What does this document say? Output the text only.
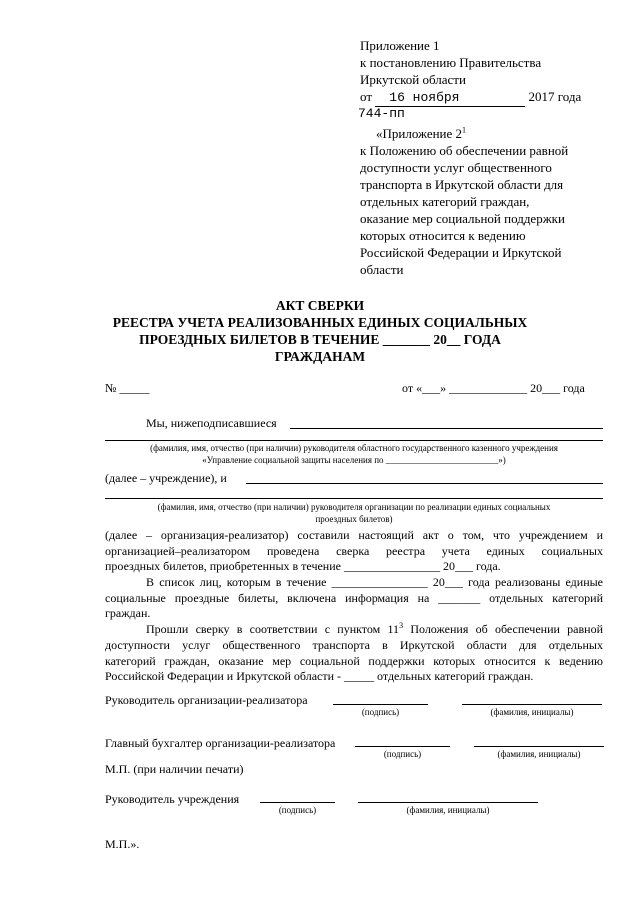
Приложение 1
к постановлению Правительства
Иркутской области
от 16 ноября	2017 года
744-пп
«Приложение $2^1$
к Положению об обеспечении равной
доступности услуг общественного
транспорта в Иркутской области для
отдельных категорий граждан,
оказание мер социальной поддержки
которых относится к ведению
Российской Федерации и Иркутской
области
АКТ СВЕРКИ
РЕЕСТРА УЧЕТА РЕАЛИЗОВАННЫХ ЕДИНЫХ СОЦИАЛЬНЫХ
ПРОЕЗДНЫХ БИЛЕТОВ В ТЕЧЕНИЕ _______ 20__ ГОДА
ГРАЖДАНАМ
№ _____	от «___» _____________ 20___ года
Мы, нижеподписавшиеся
(фамилия, имя, отчество (при наличии) руководителя областного государственного казенного учреждения
«Управление социальной защиты населения по _________________________»)
(далее – учреждение), и
(фамилия, имя, отчество (при наличии) руководителя организации по реализации единых социальных
проездных билетов)
(далее – организация-реализатор) составили настоящий акт о том, что учреждением и
организацией–реализатором проведена сверка реестра учета единых социальных
проездных билетов, приобретенных в течение ________________ 20___ года.
В список лиц, которым в течение ________________ 20___ года реализованы единые
социальные проездные билеты, включена информация на _______ отдельных категорий
граждан.
Прошли сверку в соответствии с пунктом $11^3$ Положения об обеспечении равной
доступности услуг общественного транспорта в Иркутской области для отдельных
категорий граждан, оказание мер социальной поддержки которых относится к ведению
Российской Федерации и Иркутской области - _____ отдельных категорий граждан.
Руководитель организации-реализатора
(подпись)	(фамилия, инициалы)
Главный бухгалтер организации-реализатора
(подпись)	(фамилия, инициалы)
М.П. (при наличии печати)
Руководитель учреждения
(подпись)	(фамилия, инициалы)
М.П.».
